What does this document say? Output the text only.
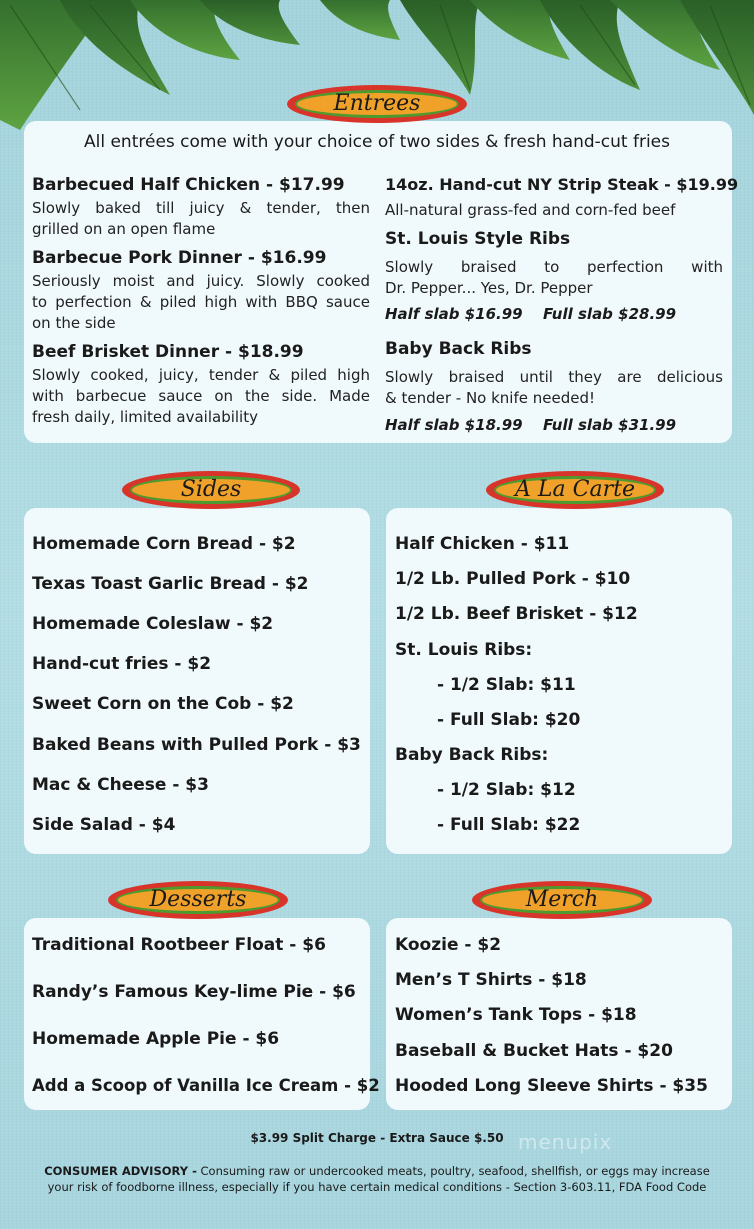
Entrees
All entrées come with your choice of two sides & fresh hand-cut fries
Barbecued Half Chicken - $17.99
Slowly baked till juicy & tender, then
grilled on an open flame
Barbecue Pork Dinner - $16.99
Seriously moist and juicy. Slowly cooked
to perfection & piled high with BBQ sauce
on the side
Beef Brisket Dinner - $18.99
Slowly cooked, juicy, tender & piled high
with barbecue sauce on the side. Made
fresh daily, limited availability
14oz. Hand-cut NY Strip Steak - $19.99
All-natural grass-fed and corn-fed beef
St. Louis Style Ribs
Slowly braised to perfection with
Dr. Pepper... Yes, Dr. Pepper
Half slab $16.99 Full slab $28.99
Baby Back Ribs
Slowly braised until they are delicious
& tender - No knife needed!
Half slab $18.99 Full slab $31.99
Sides
Homemade Corn Bread - $2
Texas Toast Garlic Bread - $2
Homemade Coleslaw - $2
Hand-cut fries - $2
Sweet Corn on the Cob - $2
Baked Beans with Pulled Pork - $3
Mac & Cheese - $3
Side Salad - $4
A La Carte
Half Chicken - $11
1/2 Lb. Pulled Pork - $10
1/2 Lb. Beef Brisket - $12
St. Louis Ribs:
- 1/2 Slab: $11
- Full Slab: $20
Baby Back Ribs:
- 1/2 Slab: $12
- Full Slab: $22
Desserts
Traditional Rootbeer Float - $6
Randy’s Famous Key-lime Pie - $6
Homemade Apple Pie - $6
Add a Scoop of Vanilla Ice Cream - $2
Merch
Koozie - $2
Men’s T Shirts - $18
Women’s Tank Tops - $18
Baseball & Bucket Hats - $20
Hooded Long Sleeve Shirts - $35
$3.99 Split Charge - Extra Sauce $.50 menupix
CONSUMER ADVISORY - Consuming raw or undercooked meats, poultry, seafood, shellfish, or eggs may increase
your risk of foodborne illness, especially if you have certain medical conditions - Section 3-603.11, FDA Food Code
